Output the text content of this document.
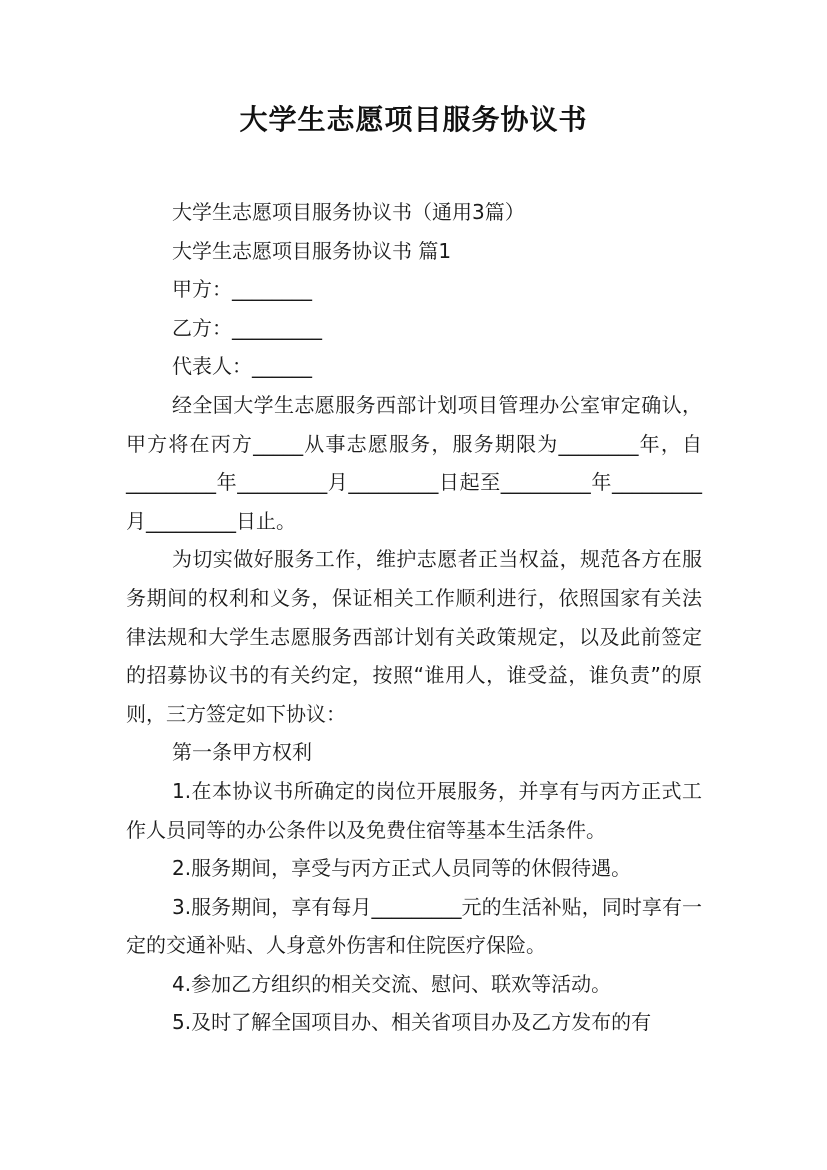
大学生志愿项目服务协议书

大学生志愿项目服务协议书（通用3篇）

大学生志愿项目服务协议书 篇1

甲方：________

乙方：_________

代表人：______

经全国大学生志愿服务西部计划项目管理办公室审定确认，甲方将在丙方_____从事志愿服务，服务期限为________年，自_________年_________月_________日起至_________年_________月_________日止。

为切实做好服务工作，维护志愿者正当权益，规范各方在服务期间的权利和义务，保证相关工作顺利进行，依照国家有关法律法规和大学生志愿服务西部计划有关政策规定，以及此前签定的招募协议书的有关约定，按照“谁用人，谁受益，谁负责”的原则，三方签定如下协议：

第一条甲方权利

1.在本协议书所确定的岗位开展服务，并享有与丙方正式工作人员同等的办公条件以及免费住宿等基本生活条件。

2.服务期间，享受与丙方正式人员同等的休假待遇。

3.服务期间，享有每月_________元的生活补贴，同时享有一定的交通补贴、人身意外伤害和住院医疗保险。

4.参加乙方组织的相关交流、慰问、联欢等活动。

5.及时了解全国项目办、相关省项目办及乙方发布的有
